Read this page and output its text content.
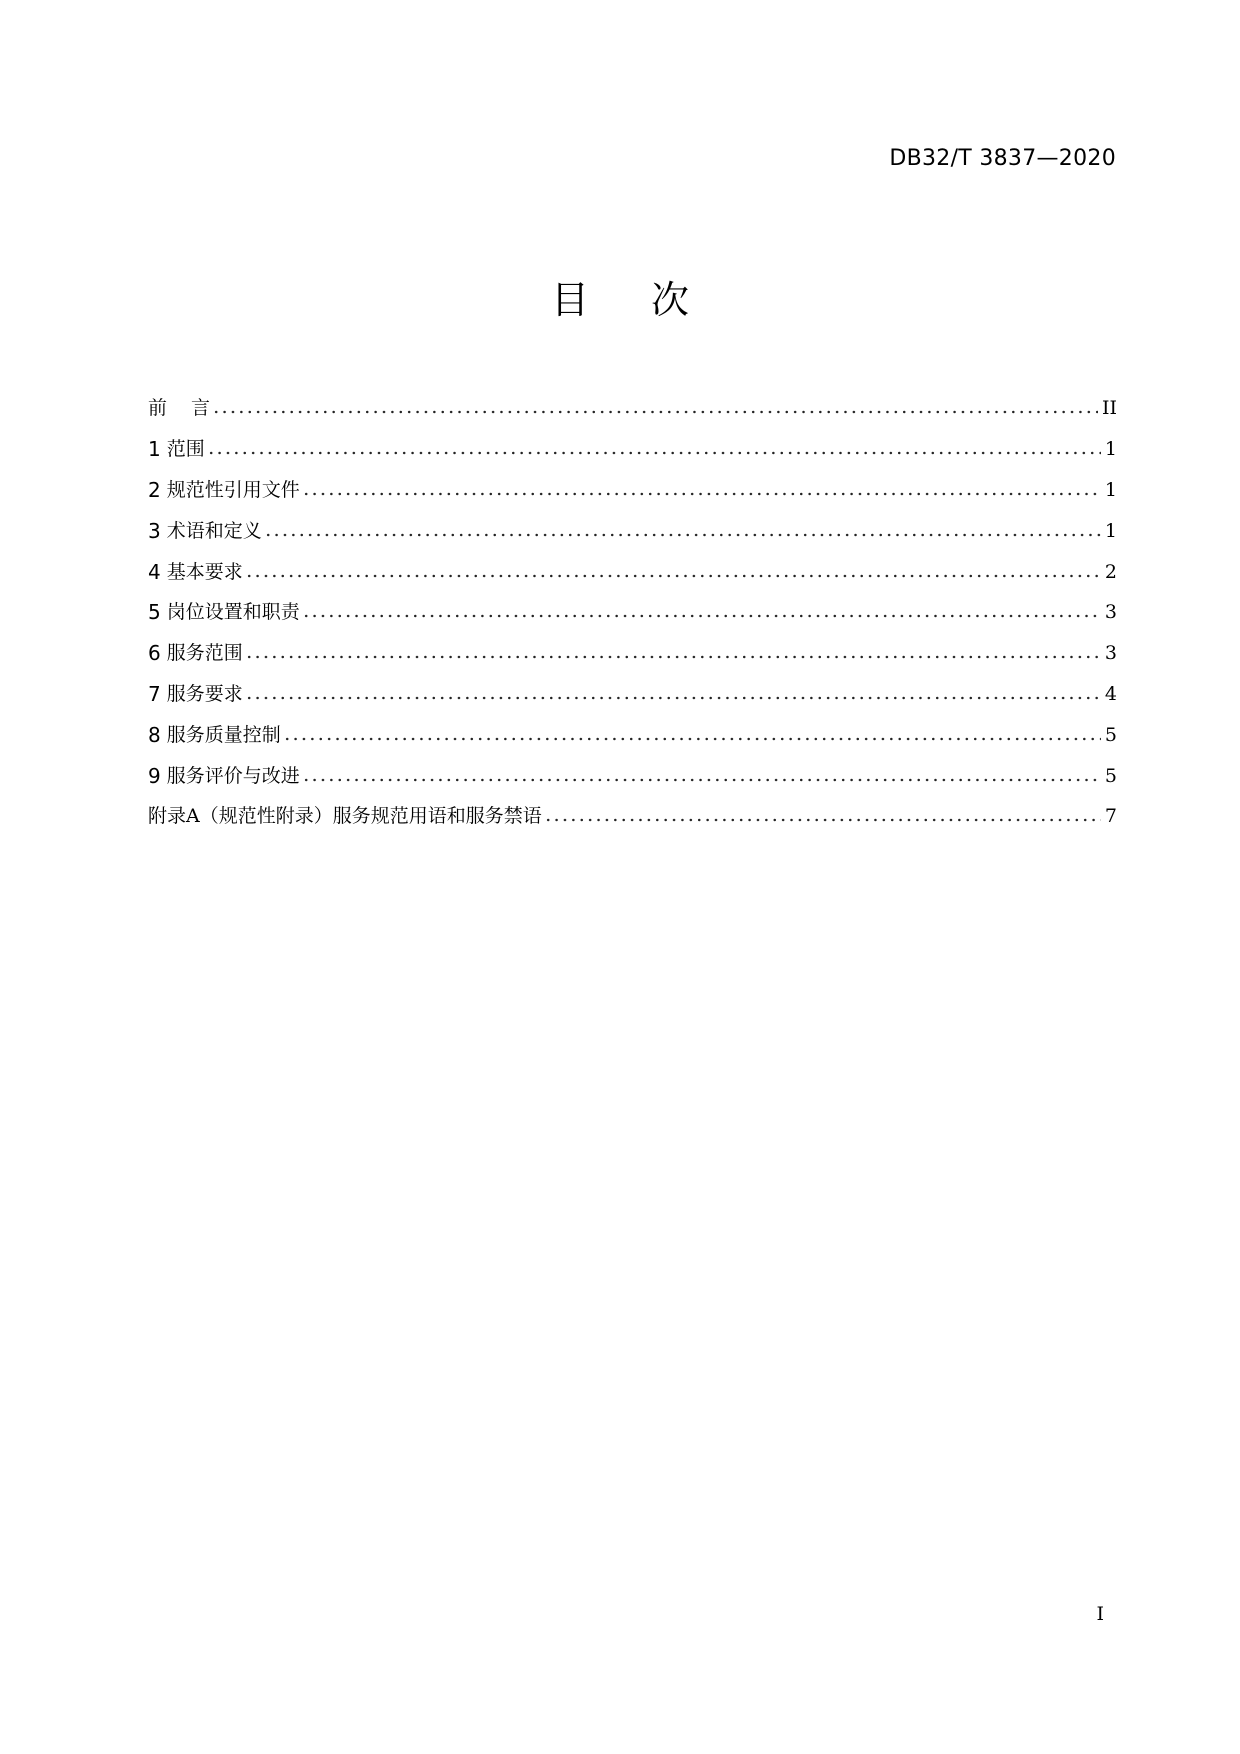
DB32/T 3837—2020
目 次
前 言	II
1 范围	1
2 规范性引用文件	1
3 术语和定义	1
4 基本要求	2
5 岗位设置和职责	3
6 服务范围	3
7 服务要求	4
8 服务质量控制	5
9 服务评价与改进	5
附录A（规范性附录）服务规范用语和服务禁语	7
I
